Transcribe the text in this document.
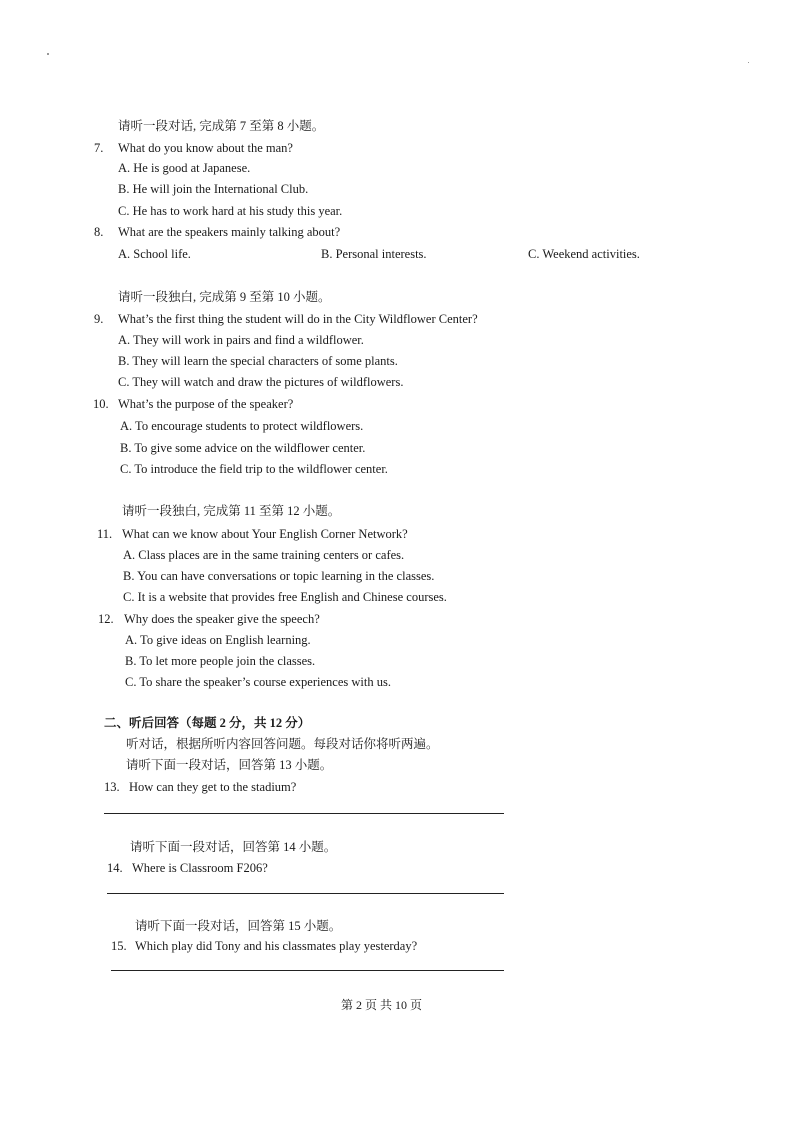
请听一段对话, 完成第 7 至第 8 小题。
7. What do you know about the man?
A. He is good at Japanese.
B. He will join the International Club.
C. He has to work hard at his study this year.
8. What are the speakers mainly talking about?
A. School life.	B. Personal interests.	C. Weekend activities.
请听一段独白, 完成第 9 至第 10 小题。
9. What’s the first thing the student will do in the City Wildflower Center?
A. They will work in pairs and find a wildflower.
B. They will learn the special characters of some plants.
C. They will watch and draw the pictures of wildflowers.
10. What’s the purpose of the speaker?
A. To encourage students to protect wildflowers.
B. To give some advice on the wildflower center.
C. To introduce the field trip to the wildflower center.
请听一段独白, 完成第 11 至第 12 小题。
11. What can we know about Your English Corner Network?
A. Class places are in the same training centers or cafes.
B. You can have conversations or topic learning in the classes.
C. It is a website that provides free English and Chinese courses.
12. Why does the speaker give the speech?
A. To give ideas on English learning.
B. To let more people join the classes.
C. To share the speaker’s course experiences with us.
二、听后回答（每题 2 分，共 12 分）
听对话，根据所听内容回答问题。每段对话你将听两遍。
请听下面一段对话，回答第 13 小题。
13. How can they get to the stadium?
请听下面一段对话，回答第 14 小题。
14. Where is Classroom F206?
请听下面一段对话，回答第 15 小题。
15. Which play did Tony and his classmates play yesterday?
第 2 页 共 10 页
